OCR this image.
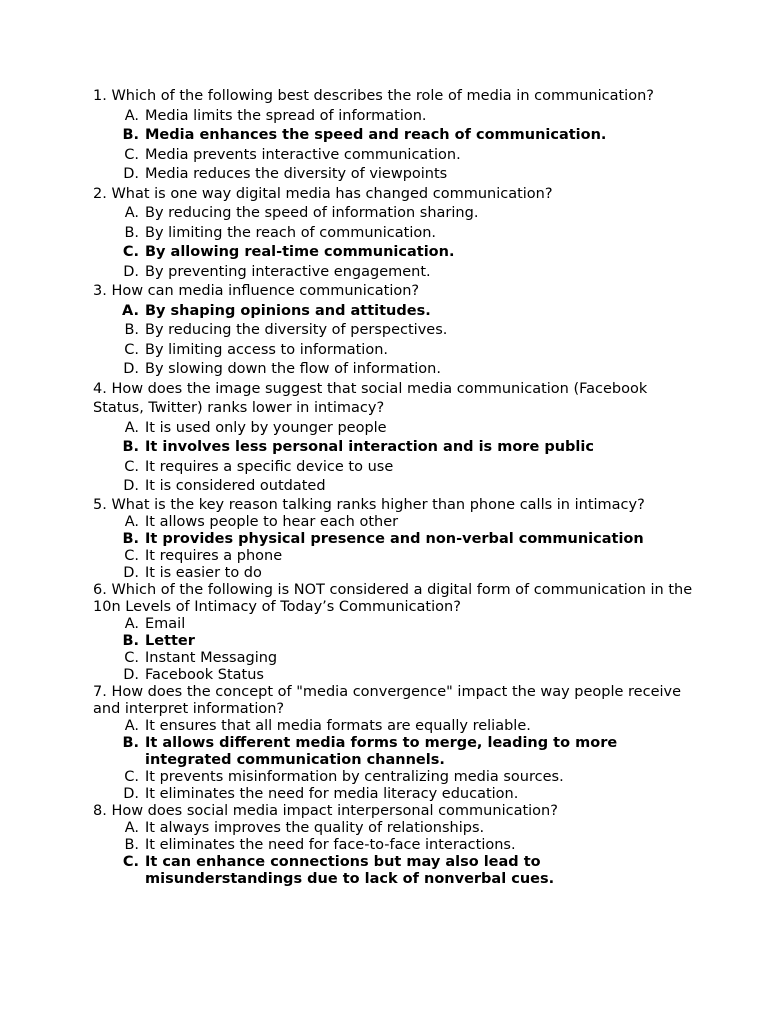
1. Which of the following best describes the role of media in communication?

A. Media limits the spread of information.
B. Media enhances the speed and reach of communication.
C. Media prevents interactive communication.
D. Media reduces the diversity of viewpoints

2. What is one way digital media has changed communication?

A. By reducing the speed of information sharing.
B. By limiting the reach of communication.
C. By allowing real-time communication.
D. By preventing interactive engagement.

3. How can media influence communication?

A. By shaping opinions and attitudes.
B. By reducing the diversity of perspectives.
C. By limiting access to information.
D. By slowing down the flow of information.

4. How does the image suggest that social media communication (Facebook Status, Twitter) ranks lower in intimacy?

A. It is used only by younger people
B. It involves less personal interaction and is more public
C. It requires a specific device to use
D. It is considered outdated

5. What is the key reason talking ranks higher than phone calls in intimacy?

A. It allows people to hear each other
B. It provides physical presence and non-verbal communication
C. It requires a phone
D. It is easier to do

6. Which of the following is NOT considered a digital form of communication in the 10n Levels of Intimacy of Today’s Communication?

A. Email
B. Letter
C. Instant Messaging
D. Facebook Status

7. How does the concept of "media convergence" impact the way people receive and interpret information?

A. It ensures that all media formats are equally reliable.
B. It allows different media forms to merge, leading to more integrated communication channels.
C. It prevents misinformation by centralizing media sources.
D. It eliminates the need for media literacy education.

8. How does social media impact interpersonal communication?

A. It always improves the quality of relationships.
B. It eliminates the need for face-to-face interactions.
C. It can enhance connections but may also lead to misunderstandings due to lack of nonverbal cues.
